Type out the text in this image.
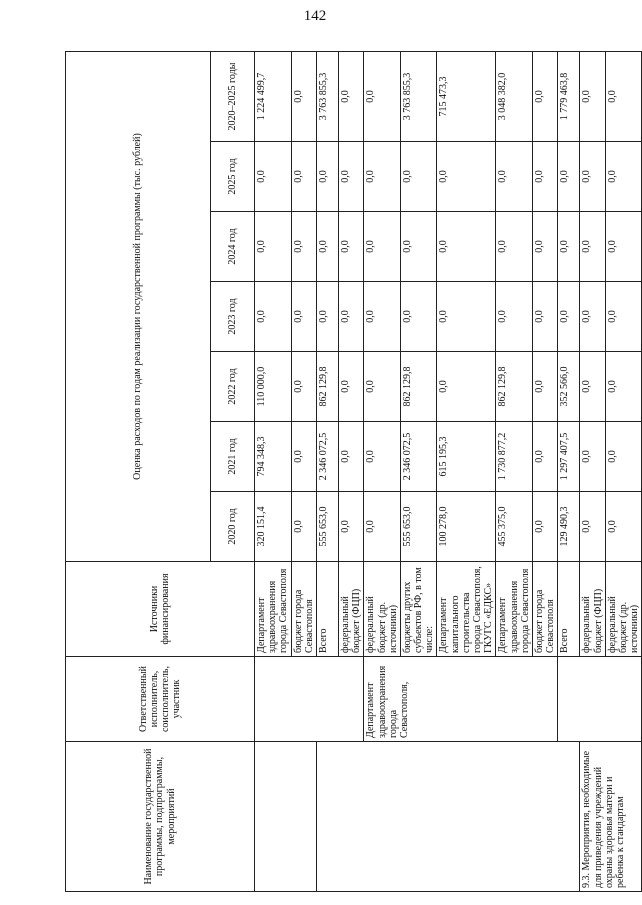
142
Наименование государственной программы, подпрограммы, мероприятий	Ответственный исполнитель, соисполнитель, участник	Источники финансирования	Оценка расходов по годам реализации государственной программы (тыс. рублей)						
			2020 год	2021 год	2022 год	2023 год	2024 год	2025 год	2020–2025 годы
		Департамент здравоохранения города Севастополя	320 151,4	794 348,3	110 000,0	0,0	0,0	0,0	1 224 499,7
		бюджет города Севастополя	0,0	0,0	0,0	0,0	0,0	0,0	0,0
		Всего	555 653,0	2 346 072,5	862 129,8	0,0	0,0	0,0	3 763 855,3
		федеральный бюджет (ФЦП)	0,0	0,0	0,0	0,0	0,0	0,0	0,0
	Департамент здравоохранения города Севастополя,	федеральный бюджет (др. источники)	0,0	0,0	0,0	0,0	0,0	0,0	0,0
		бюджеты других субъектов РФ, в том числе:	555 653,0	2 346 072,5	862 129,8	0,0	0,0	0,0	3 763 855,3
		Департамент капитального строительства города Севастополя, ГКУГС «ЕДКС»	100 278,0	615 195,3	0,0	0,0	0,0	0,0	715 473,3
		Департамент здравоохранения города Севастополя	455 375,0	1 730 877,2	862 129,8	0,0	0,0	0,0	3 048 382,0
		бюджет города Севастополя	0,0	0,0	0,0	0,0	0,0	0,0	0,0
		Всего	129 490,3	1 297 407,5	352 566,0	0,0	0,0	0,0	1 779 463,8
9.3. Мероприятия, необходимые для приведения учреждений охраны здоровья матери и ребенка к стандартам		федеральный бюджет (ФЦП)	0,0	0,0	0,0	0,0	0,0	0,0	0,0
		федеральный бюджет (др. источники)	0,0	0,0	0,0	0,0	0,0	0,0	0,0
